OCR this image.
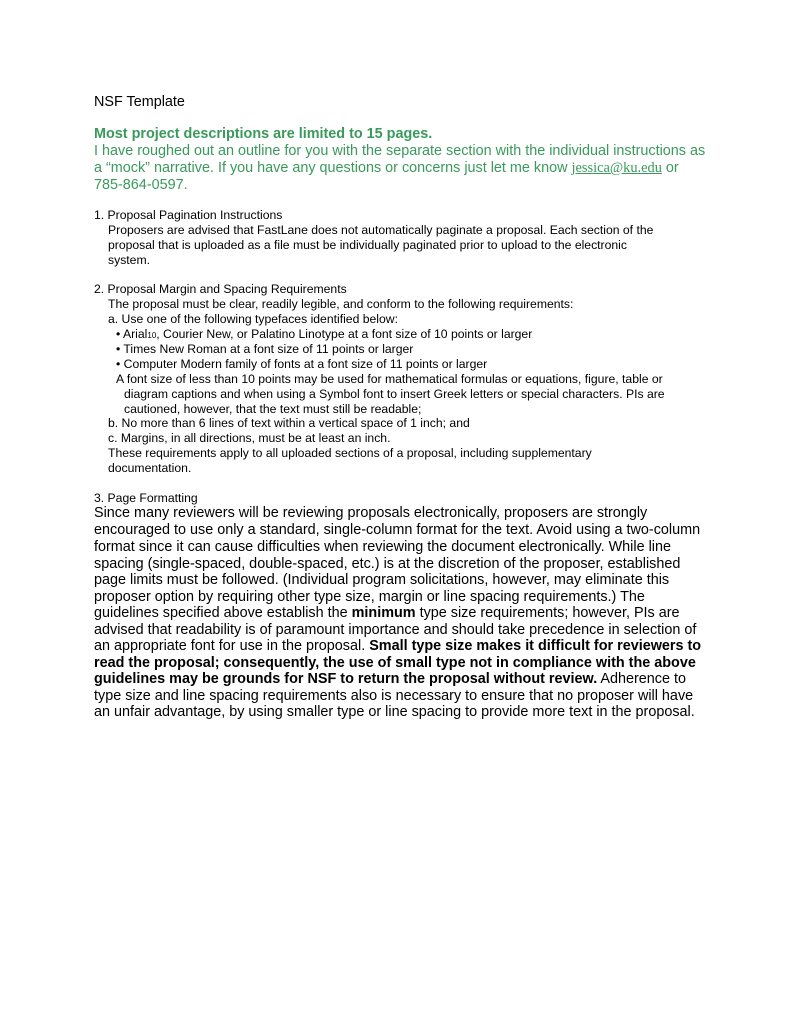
NSF Template
Most project descriptions are limited to 15 pages.
I have roughed out an outline for you with the separate section with the individual instructions as
a “mock” narrative. If you have any questions or concerns just let me know jessica@ku.edu or
785-864-0597.
1. Proposal Pagination Instructions
Proposers are advised that FastLane does not automatically paginate a proposal. Each section of the
proposal that is uploaded as a file must be individually paginated prior to upload to the electronic
system.
2. Proposal Margin and Spacing Requirements
The proposal must be clear, readily legible, and conform to the following requirements:
a. Use one of the following typefaces identified below:
• Arial10, Courier New, or Palatino Linotype at a font size of 10 points or larger
• Times New Roman at a font size of 11 points or larger
• Computer Modern family of fonts at a font size of 11 points or larger
A font size of less than 10 points may be used for mathematical formulas or equations, figure, table or
diagram captions and when using a Symbol font to insert Greek letters or special characters. PIs are
cautioned, however, that the text must still be readable;
b. No more than 6 lines of text within a vertical space of 1 inch; and
c. Margins, in all directions, must be at least an inch.
These requirements apply to all uploaded sections of a proposal, including supplementary
documentation.
3. Page Formatting
Since many reviewers will be reviewing proposals electronically, proposers are strongly
encouraged to use only a standard, single-column format for the text. Avoid using a two-column
format since it can cause difficulties when reviewing the document electronically. While line
spacing (single-spaced, double-spaced, etc.) is at the discretion of the proposer, established
page limits must be followed. (Individual program solicitations, however, may eliminate this
proposer option by requiring other type size, margin or line spacing requirements.) The
guidelines specified above establish the minimum type size requirements; however, PIs are
advised that readability is of paramount importance and should take precedence in selection of
an appropriate font for use in the proposal. Small type size makes it difficult for reviewers to
read the proposal; consequently, the use of small type not in compliance with the above
guidelines may be grounds for NSF to return the proposal without review. Adherence to
type size and line spacing requirements also is necessary to ensure that no proposer will have
an unfair advantage, by using smaller type or line spacing to provide more text in the proposal.
